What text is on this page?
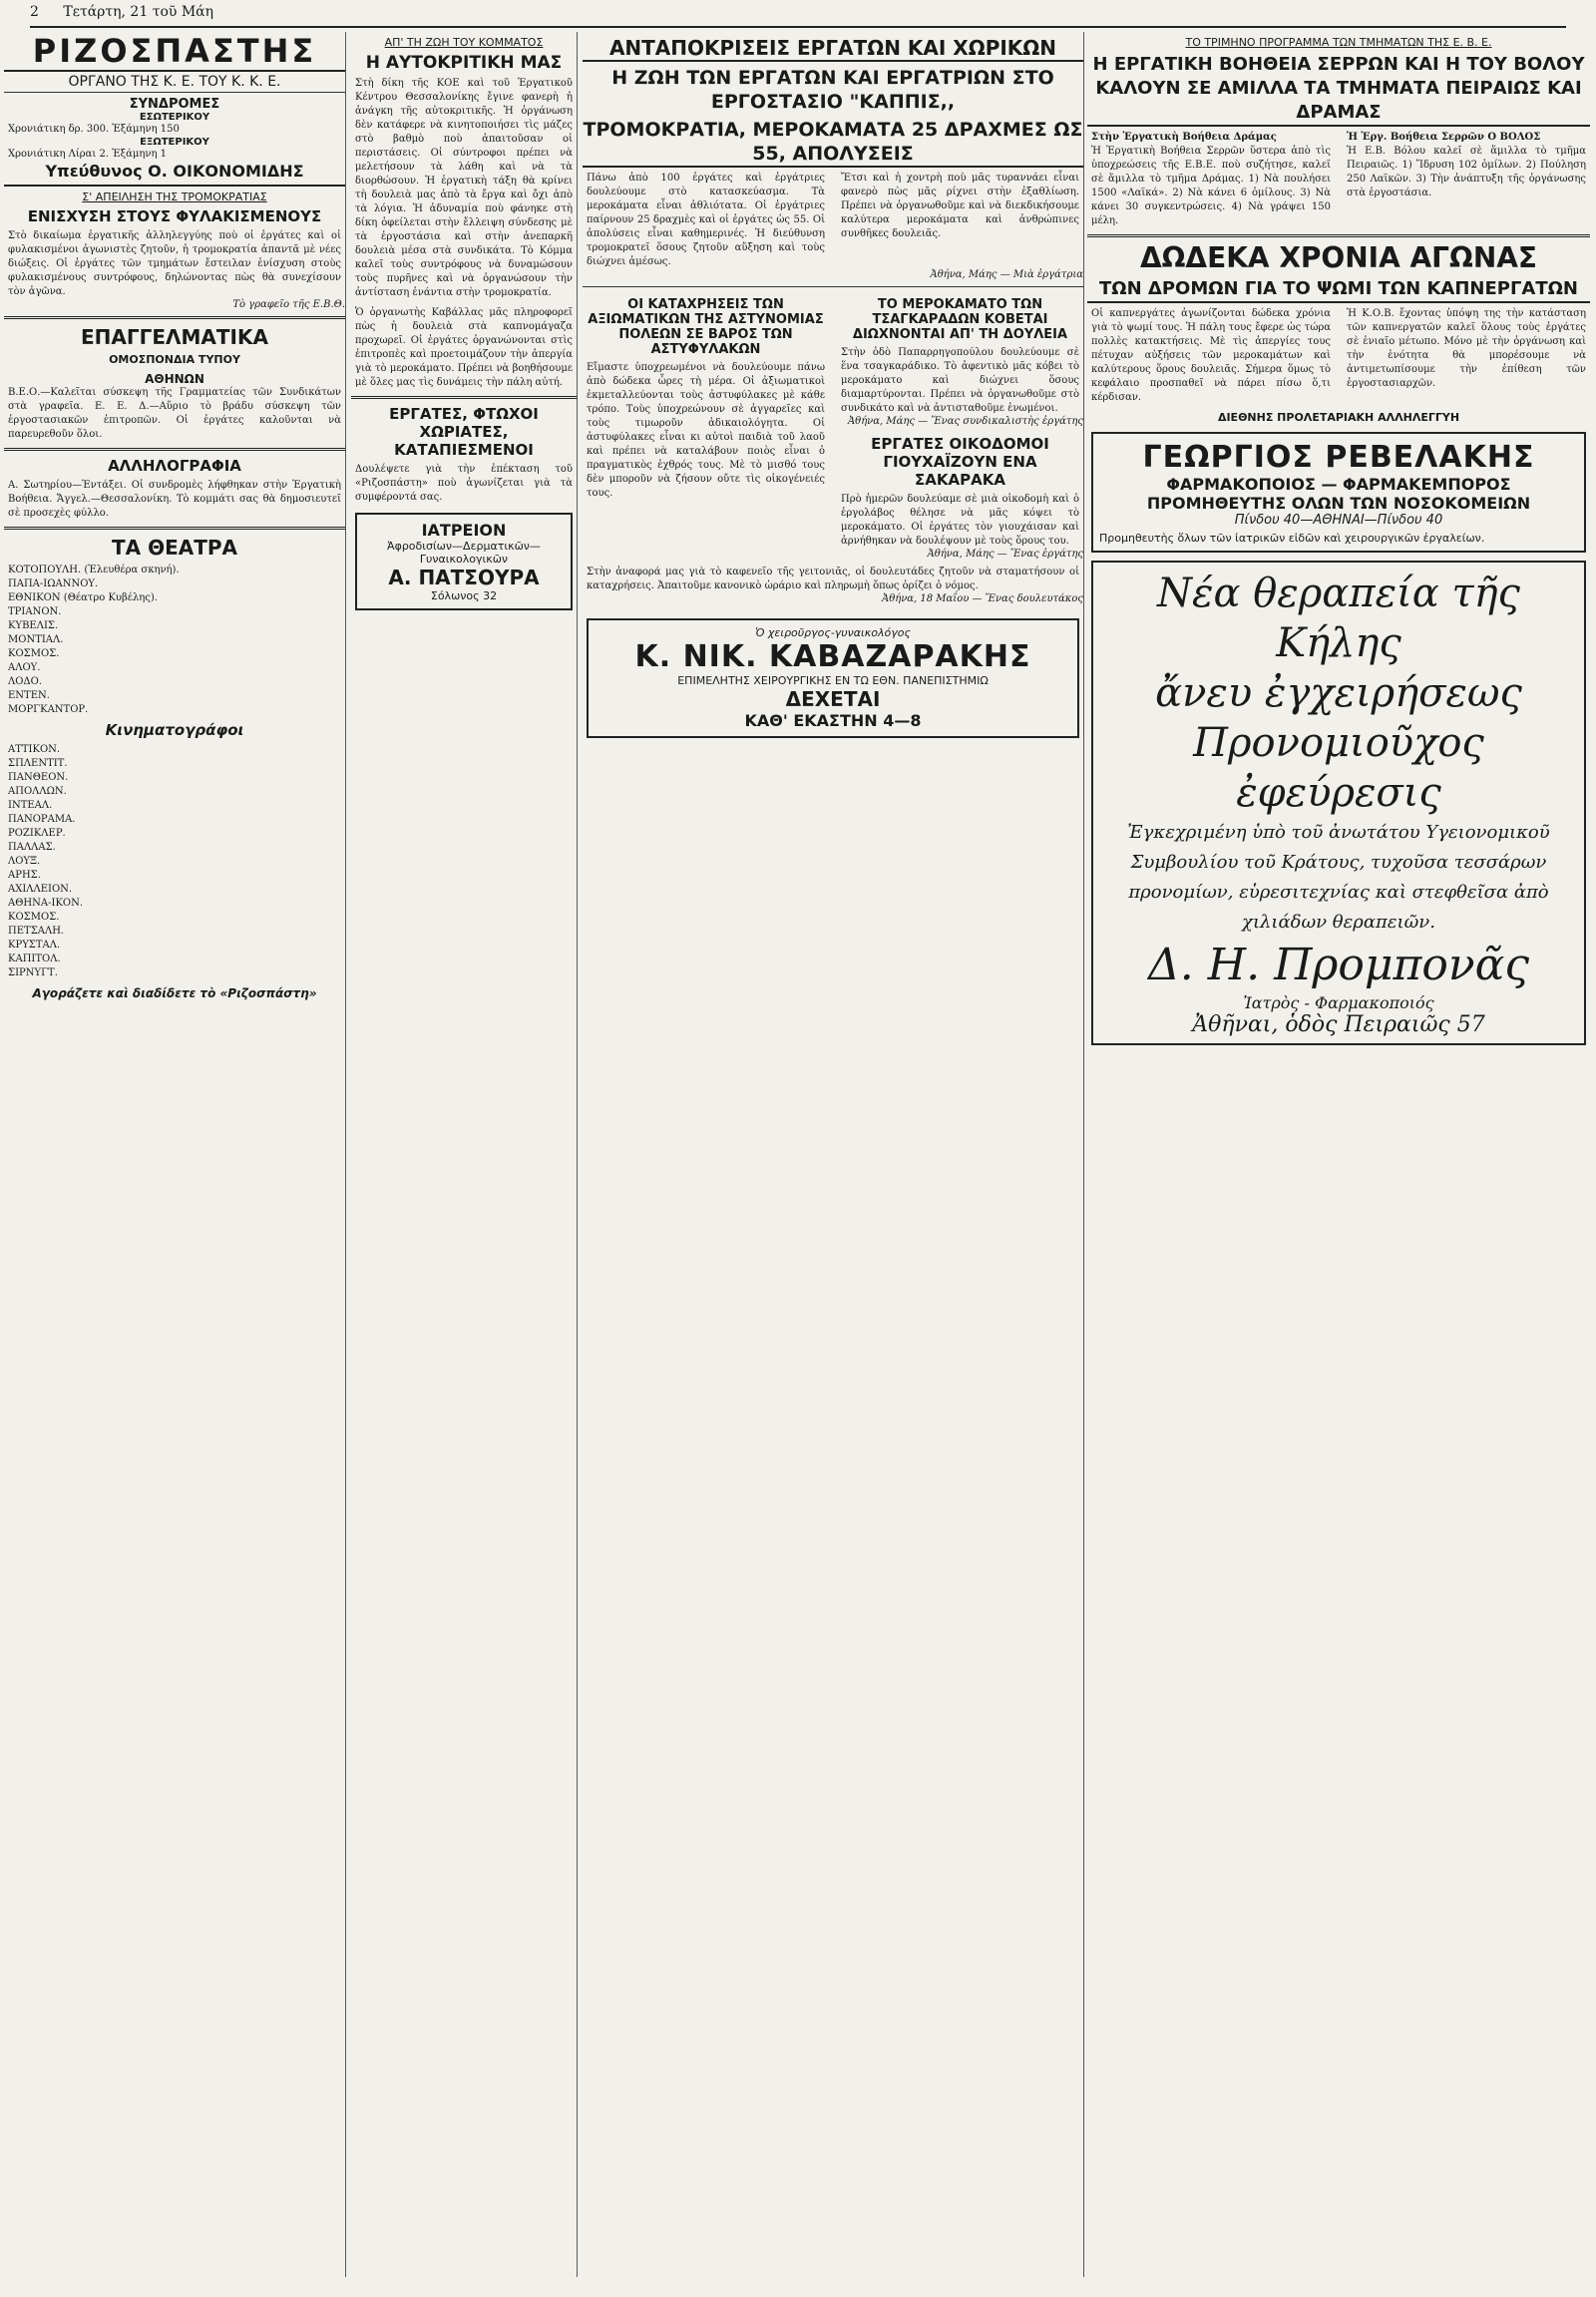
2 Τετάρτη, 21 τοῦ Μάη
ΡΙΖΟΣΠΑΣΤΗΣ
ΟΡΓΑΝΟ ΤΗΣ Κ. Ε. ΤΟΥ Κ. Κ. Ε.
ΣΥΝΔΡΟΜΕΣ
ΕΣΩΤΕΡΙΚΟΥ
Χρονιάτικη δρ. 300. Ἑξάμηνη 150
ΕΞΩΤΕΡΙΚΟΥ
Χρονιάτικη Λίραι 2. Ἑξάμηνη 1
Υπεύθυνος Ο. ΟΙΚΟΝΟΜΙΔΗΣ
Σ' ΑΠΕΙΛΗΣΗ ΤΗΣ ΤΡΟΜΟΚΡΑΤΙΑΣ
ΕΝΙΣΧΥΣΗ ΣΤΟΥΣ ΦΥΛΑΚΙΣΜΕΝΟΥΣ
Στὸ δικαίωμα ἐργατικῆς ἀλληλεγγύης ποὺ οἱ ἐργάτες καὶ οἱ φυλακισμένοι ἀγωνιστὲς ζητοῦν, ἡ τρομοκρατία ἀπαντᾶ μὲ νέες διώξεις. Οἱ ἐργάτες τῶν τμημάτων ἔστειλαν ἐνίσχυση στοὺς φυλακισμένους συντρόφους, δηλώνοντας πὼς θὰ συνεχίσουν τὸν ἀγῶνα.
Τὸ γραφεῖο τῆς Ε.Β.Θ.
ΕΠΑΓΓΕΛΜΑΤΙΚΑ
ΟΜΟΣΠΟΝΔΙΑ ΤΥΠΟΥ
ΑΘΗΝΩΝ
Β.Ε.Ο.—Καλεῖται σύσκεψη τῆς Γραμματείας τῶν Συνδικάτων στὰ γραφεῖα. Ε. Ε. Δ.—Αὔριο τὸ βράδυ σύσκεψη τῶν ἐργοστασιακῶν ἐπιτροπῶν. Οἱ ἐργάτες καλοῦνται νὰ παρευρεθοῦν ὅλοι.
ΑΛΛΗΛΟΓΡΑΦΙΑ
Α. Σωτηρίου—Ἐντάξει. Οἱ συνδρομὲς λήφθηκαν στὴν Ἐργατικὴ Βοήθεια. Ἄγγελ.—Θεσσαλονίκη. Τὸ κομμάτι σας θὰ δημοσιευτεῖ σὲ προσεχὲς φύλλο.
ΤΑ ΘΕΑΤΡΑ
ΚΟΤΟΠΟΥΛΗ. (Ἐλευθέρα σκηνή).
ΠΑΠΑ-ΙΩΑΝΝΟΥ.
ΕΘΝΙΚΟΝ (Θέατρο Κυβέλης).
ΤΡΙΑΝΟΝ.
ΚΥΒΕΛΙΣ.
ΜΟΝΤΙΑΛ.
ΚΟΣΜΟΣ.
ΑΛΟΥ.
ΛΟΔΟ.
ΕΝΤΕΝ.
ΜΟΡΓΚΑΝΤΟΡ.
Κινηματογράφοι
ΑΤΤΙΚΟΝ.
ΣΠΛΕΝΤΙΤ.
ΠΑΝΘΕΟΝ.
ΑΠΟΛΛΩΝ.
ΙΝΤΕΑΛ.
ΠΑΝΟΡΑΜΑ.
ΡΟΖΙΚΛΕΡ.
ΠΑΛΛΑΣ.
ΛΟΥΞ.
ΑΡΗΣ.
ΑΧΙΛΛΕΙΟΝ.
ΑΘΗΝΑ-ΙΚΟΝ.
ΚΟΣΜΟΣ.
ΠΕΤΣΑΛΗ.
ΚΡΥΣΤΑΛ.
ΚΑΠΙΤΟΛ.
ΣΙΡΝΥΓΤ.
Αγοράζετε καὶ διαδίδετε τὸ «Ριζοσπάστη»
ΑΠ' ΤΗ ΖΩΗ ΤΟΥ ΚΟΜΜΑΤΟΣ
Η ΑΥΤΟΚΡΙΤΙΚΗ ΜΑΣ
Στὴ δίκη τῆς ΚΟΕ καὶ τοῦ Ἐργατικοῦ Κέντρου Θεσσαλονίκης ἔγινε φανερὴ ἡ ἀνάγκη τῆς αὐτοκριτικῆς. Ἡ ὀργάνωση δὲν κατάφερε νὰ κινητοποιήσει τὶς μάζες στὸ βαθμὸ ποὺ ἀπαιτοῦσαν οἱ περιστάσεις. Οἱ σύντροφοι πρέπει νὰ μελετήσουν τὰ λάθη καὶ νὰ τὰ διορθώσουν. Ἡ ἐργατικὴ τάξη θὰ κρίνει τὴ δουλειὰ μας ἀπὸ τὰ ἔργα καὶ ὄχι ἀπὸ τὰ λόγια. Ἡ ἀδυναμία ποὺ φάνηκε στὴ δίκη ὀφείλεται στὴν ἔλλειψη σύνδεσης μὲ τὰ ἐργοστάσια καὶ στὴν ἀνεπαρκῆ δουλειὰ μέσα στὰ συνδικάτα. Τὸ Κόμμα καλεῖ τοὺς συντρόφους νὰ δυναμώσουν τοὺς πυρῆνες καὶ νὰ ὀργανώσουν τὴν ἀντίσταση ἐνάντια στὴν τρομοκρατία.
Ὁ ὀργανωτὴς Καβάλλας μᾶς πληροφορεῖ πὼς ἡ δουλειὰ στὰ καπνομάγαζα προχωρεῖ. Οἱ ἐργάτες ὀργανώνονται στὶς ἐπιτροπὲς καὶ προετοιμάζουν τὴν ἀπεργία γιὰ τὸ μεροκάματο. Πρέπει νὰ βοηθήσουμε μὲ ὅλες μας τὶς δυνάμεις τὴν πάλη αὐτή.
ΕΡΓΑΤΕΣ, ΦΤΩΧΟΙ ΧΩΡΙΑΤΕΣ, ΚΑΤΑΠΙΕΣΜΕΝΟΙ
Δουλέψετε γιὰ τὴν ἐπέκταση τοῦ «Ριζοσπάστη» ποὺ ἀγωνίζεται γιὰ τὰ συμφέροντά σας.
ΙΑΤΡΕΙΟΝ
Ἀφροδισίων—Δερματικῶν—Γυναικολογικῶν
Α. ΠΑΤΣΟΥΡΑ
Σόλωνος 32
ΑΝΤΑΠΟΚΡΙΣΕΙΣ ΕΡΓΑΤΩΝ ΚΑΙ ΧΩΡΙΚΩΝ
Η ΖΩΗ ΤΩΝ ΕΡΓΑΤΩΝ ΚΑΙ ΕΡΓΑΤΡΙΩΝ ΣΤΟ ΕΡΓΟΣΤΑΣΙΟ "ΚΑΠΠΙΣ,,
ΤΡΟΜΟΚΡΑΤΙΑ, ΜΕΡΟΚΑΜΑΤΑ 25 ΔΡΑΧΜΕΣ ΩΣ 55, ΑΠΟΛΥΣΕΙΣ
Πάνω ἀπὸ 100 ἐργάτες καὶ ἐργάτριες δουλεύουμε στὸ κατασκεύασμα. Τὰ μεροκάματα εἶναι ἀθλιότατα. Οἱ ἐργάτριες παίρνουν 25 δραχμὲς καὶ οἱ ἐργάτες ὡς 55. Οἱ ἀπολύσεις εἶναι καθημερινές. Ἡ διεύθυνση τρομοκρατεῖ ὅσους ζητοῦν αὔξηση καὶ τοὺς διώχνει ἀμέσως.
Ἔτσι καὶ ἡ χοντρὴ ποὺ μᾶς τυραννάει εἶναι φανερὸ πὼς μᾶς ρίχνει στὴν ἐξαθλίωση. Πρέπει νὰ ὀργανωθοῦμε καὶ νὰ διεκδικήσουμε καλύτερα μεροκάματα καὶ ἀνθρώπινες συνθῆκες δουλειᾶς.
Ἀθήνα, Μάης — Μιὰ ἐργάτρια
ΟΙ ΚΑΤΑΧΡΗΣΕΙΣ ΤΩΝ ΑΞΙΩΜΑΤΙΚΩΝ ΤΗΣ ΑΣΤΥΝΟΜΙΑΣ ΠΟΛΕΩΝ ΣΕ ΒΑΡΟΣ ΤΩΝ ΑΣΤΥΦΥΛΑΚΩΝ
Εἴμαστε ὑποχρεωμένοι νὰ δουλεύουμε πάνω ἀπὸ δώδεκα ὧρες τὴ μέρα. Οἱ ἀξιωματικοὶ ἐκμεταλλεύονται τοὺς ἀστυφύλακες μὲ κάθε τρόπο. Τοὺς ὑποχρεώνουν σὲ ἀγγαρεῖες καὶ τοὺς τιμωροῦν ἀδικαιολόγητα. Οἱ ἀστυφύλακες εἶναι κι αὐτοὶ παιδιὰ τοῦ λαοῦ καὶ πρέπει νὰ καταλάβουν ποιὸς εἶναι ὁ πραγματικὸς ἐχθρός τους. Μὲ τὸ μισθό τους δὲν μποροῦν νὰ ζήσουν οὔτε τὶς οἰκογένειές τους.
ΤΟ ΜΕΡΟΚΑΜΑΤΟ ΤΩΝ ΤΣΑΓΚΑΡΑΔΩΝ ΚΟΒΕΤΑΙ ΔΙΩΧΝΟΝΤΑΙ ΑΠ' ΤΗ ΔΟΥΛΕΙΑ
Στὴν ὁδὸ Παπαρρηγοπούλου δουλεύουμε σὲ ἕνα τσαγκαράδικο. Τὸ ἀφεντικὸ μᾶς κόβει τὸ μεροκάματο καὶ διώχνει ὅσους διαμαρτύρονται. Πρέπει νὰ ὀργανωθοῦμε στὸ συνδικάτο καὶ νὰ ἀντισταθοῦμε ἑνωμένοι.
Ἀθήνα, Μάης — Ἕνας συνδικαλιστὴς ἐργάτης
ΕΡΓΑΤΕΣ ΟΙΚΟΔΟΜΟΙ ΓΙΟΥΧΑΪΖΟΥΝ ΕΝΑ ΣΑΚΑΡΑΚΑ
Πρὸ ἡμερῶν δουλεύαμε σὲ μιὰ οἰκοδομὴ καὶ ὁ ἐργολάβος θέλησε νὰ μᾶς κόψει τὸ μεροκάματο. Οἱ ἐργάτες τὸν γιουχάισαν καὶ ἀρνήθηκαν νὰ δουλέψουν μὲ τοὺς ὅρους του.
Ἀθήνα, Μάης — Ἕνας ἐργάτης
Στὴν ἀναφορά μας γιὰ τὸ καφενεῖο τῆς γειτονιᾶς, οἱ δουλευτάδες ζητοῦν νὰ σταματήσουν οἱ καταχρήσεις. Ἀπαιτοῦμε κανονικὸ ὡράριο καὶ πληρωμὴ ὅπως ὁρίζει ὁ νόμος.
Ἀθήνα, 18 Μαΐου — Ἕνας δουλευτάκος
Ὁ χειροῦργος-γυναικολόγος
Κ. ΝΙΚ. ΚΑΒΑΖΑΡΑΚΗΣ
ΕΠΙΜΕΛΗΤΗΣ ΧΕΙΡΟΥΡΓΙΚΗΣ ΕΝ ΤΩ ΕΘΝ. ΠΑΝΕΠΙΣΤΗΜΙΩ
ΔΕΧΕΤΑΙ
ΚΑΘ' ΕΚΑΣΤΗΝ 4—8
ΤΟ ΤΡΙΜΗΝΟ ΠΡΟΓΡΑΜΜΑ ΤΩΝ ΤΜΗΜΑΤΩΝ ΤΗΣ Ε. Β. Ε.
Η ΕΡΓΑΤΙΚΗ ΒΟΗΘΕΙΑ ΣΕΡΡΩΝ ΚΑΙ Η ΤΟΥ ΒΟΛΟΥ ΚΑΛΟΥΝ ΣΕ ΑΜΙΛΛΑ ΤΑ ΤΜΗΜΑΤΑ ΠΕΙΡΑΙΩΣ ΚΑΙ ΔΡΑΜΑΣ
Στὴν Ἐργατικὴ Βοήθεια Δράμας
Ἡ Ἐργατικὴ Βοήθεια Σερρῶν ὕστερα ἀπὸ τὶς ὑποχρεώσεις τῆς Ε.Β.Ε. ποὺ συζήτησε, καλεῖ σὲ ἅμιλλα τὸ τμῆμα Δράμας. 1) Νὰ πουλήσει 1500 «Λαϊκά». 2) Νὰ κάνει 6 ὁμίλους. 3) Νὰ κάνει 30 συγκεντρώσεις. 4) Νὰ γράψει 150 μέλη.
Ἡ Ἐργ. Βοήθεια Σερρῶν Ο ΒΟΛΟΣ
Ἡ Ε.Β. Βόλου καλεῖ σὲ ἅμιλλα τὸ τμῆμα Πειραιῶς. 1) Ἵδρυση 102 ὁμίλων. 2) Πούληση 250 Λαϊκῶν. 3) Τὴν ἀνάπτυξη τῆς ὀργάνωσης στὰ ἐργοστάσια.
ΔΩΔΕΚΑ ΧΡΟΝΙΑ ΑΓΩΝΑΣ
ΤΩΝ ΔΡΟΜΩΝ ΓΙΑ ΤΟ ΨΩΜΙ ΤΩΝ ΚΑΠΝΕΡΓΑΤΩΝ
Οἱ καπνεργάτες ἀγωνίζονται δώδεκα χρόνια γιὰ τὸ ψωμί τους. Ἡ πάλη τους ἔφερε ὡς τώρα πολλὲς κατακτήσεις. Μὲ τὶς ἀπεργίες τους πέτυχαν αὐξήσεις τῶν μεροκαμάτων καὶ καλύτερους ὅρους δουλειᾶς. Σήμερα ὅμως τὸ κεφάλαιο προσπαθεῖ νὰ πάρει πίσω ὅ,τι κέρδισαν.
Ἡ Κ.Ο.Β. ἔχοντας ὑπόψη της τὴν κατάσταση τῶν καπνεργατῶν καλεῖ ὅλους τοὺς ἐργάτες σὲ ἑνιαῖο μέτωπο. Μόνο μὲ τὴν ὀργάνωση καὶ τὴν ἑνότητα θὰ μπορέσουμε νὰ ἀντιμετωπίσουμε τὴν ἐπίθεση τῶν ἐργοστασιαρχῶν.
ΔΙΕΘΝΗΣ ΠΡΟΛΕΤΑΡΙΑΚΗ ΑΛΛΗΛΕΓΓΥΗ
ΓΕΩΡΓΙΟΣ ΡΕΒΕΛΑΚΗΣ
ΦΑΡΜΑΚΟΠΟΙΟΣ — ΦΑΡΜΑΚΕΜΠΟΡΟΣ
ΠΡΟΜΗΘΕΥΤΗΣ ΟΛΩΝ ΤΩΝ ΝΟΣΟΚΟΜΕΙΩΝ
Πίνδου 40—ΑΘΗΝΑΙ—Πίνδου 40
Προμηθευτὴς ὅλων τῶν ἰατρικῶν εἰδῶν καὶ χειρουργικῶν ἐργαλείων.
Νέα θεραπεία τῆς Κήλης
ἄνευ ἐγχειρήσεως
Προνομιοῦχος ἐφεύρεσις
Ἐγκεχριμένη ὑπὸ τοῦ ἀνωτάτου Υγειονομικοῦ Συμβουλίου τοῦ Κράτους, τυχοῦσα τεσσάρων προνομίων, εὑρεσιτεχνίας καὶ στεφθεῖσα ἀπὸ χιλιάδων θεραπειῶν.
Δ. Η. Προμπονᾶς
Ἰατρὸς - Φαρμακοποιός
Ἀθῆναι, ὁδὸς Πειραιῶς 57
